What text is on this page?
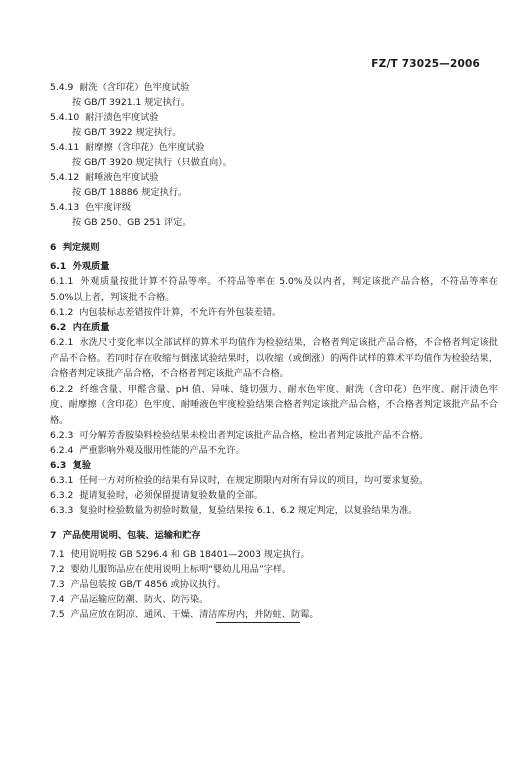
FZ/T 73025—2006
5.4.9 耐洗（含印花）色牢度试验
按 GB/T 3921.1 规定执行。
5.4.10 耐汗渍色牢度试验
按 GB/T 3922 规定执行。
5.4.11 耐摩擦（含印花）色牢度试验
按 GB/T 3920 规定执行（只做直向）。
5.4.12 耐唾液色牢度试验
按 GB/T 18886 规定执行。
5.4.13 色牢度评级
按 GB 250、GB 251 评定。
6 判定规则
6.1 外观质量
6.1.1 外观质量按批计算不符品等率。不符品等率在 5.0%及以内者，判定该批产品合格，不符品等率在 5.0%以上者，判该批不合格。
6.1.2 内包装标志差错按件计算，不允许有外包装差错。
6.2 内在质量
6.2.1 水洗尺寸变化率以全部试样的算术平均值作为检验结果，合格者判定该批产品合格，不合格者判定该批产品不合格。若同时存在收缩与倒涨试验结果时，以收缩（或倒涨）的两件试样的算术平均值作为检验结果，合格者判定该批产品合格，不合格者判定该批产品不合格。
6.2.2 纤维含量、甲醛含量、pH 值、异味、缝切强力、耐水色牢度、耐洗（含印花）色牢度、耐汗渍色牢度、耐摩擦（含印花）色牢度、耐唾液色牢度检验结果合格者判定该批产品合格，不合格者判定该批产品不合格。
6.2.3 可分解芳香胺染料检验结果未检出者判定该批产品合格，检出者判定该批产品不合格。
6.2.4 严重影响外观及服用性能的产品不允许。
6.3 复验
6.3.1 任何一方对所检验的结果有异议时，在规定期限内对所有异议的项目，均可要求复验。
6.3.2 提请复验时，必须保留提请复验数量的全部。
6.3.3 复验时检验数量为初验时数量，复验结果按 6.1、6.2 规定判定，以复验结果为准。
7 产品使用说明、包装、运输和贮存
7.1 使用说明按 GB 5296.4 和 GB 18401—2003 规定执行。
7.2 婴幼儿服饰品应在使用说明上标明“婴幼儿用品”字样。
7.3 产品包装按 GB/T 4856 或协议执行。
7.4 产品运输应防潮、防火、防污染。
7.5 产品应放在阴凉、通风、干燥、清洁库房内，并防蛀、防霉。
